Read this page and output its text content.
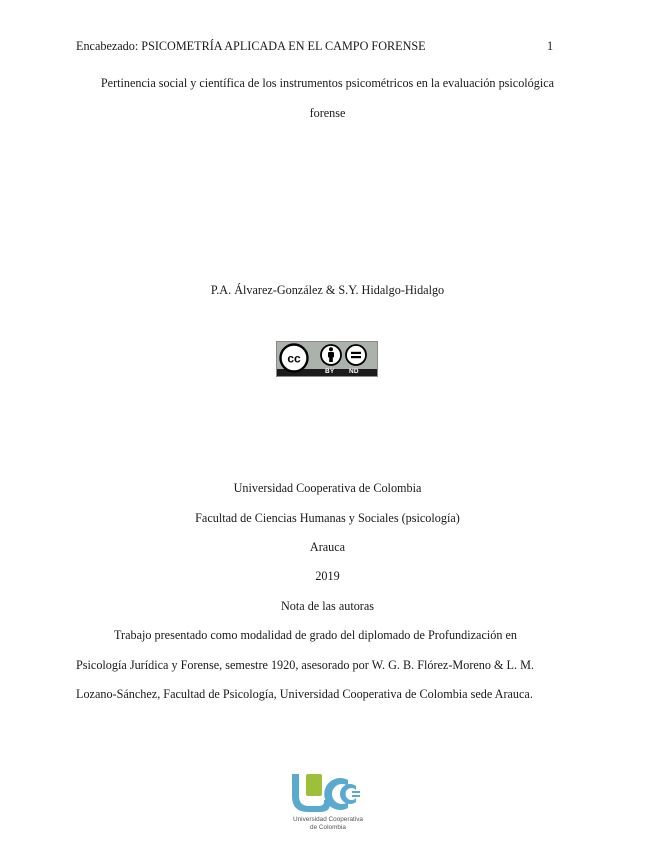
Encabezado: PSICOMETRÍA APLICADA EN EL CAMPO FORENSE	1
Pertinencia social y científica de los instrumentos psicométricos en la evaluación psicológica
forense
P.A. Álvarez-González & S.Y. Hidalgo-Hidalgo
cc
BY ND
Universidad Cooperativa de Colombia
Facultad de Ciencias Humanas y Sociales (psicología)
Arauca
2019
Nota de las autoras
Trabajo presentado como modalidad de grado del diplomado de Profundización en
Psicología Jurídica y Forense, semestre 1920, asesorado por W. G. B. Flórez-Moreno & L. M.
Lozano-Sánchez, Facultad de Psicología, Universidad Cooperativa de Colombia sede Arauca.
Universidad Cooperativa
de Colombia
